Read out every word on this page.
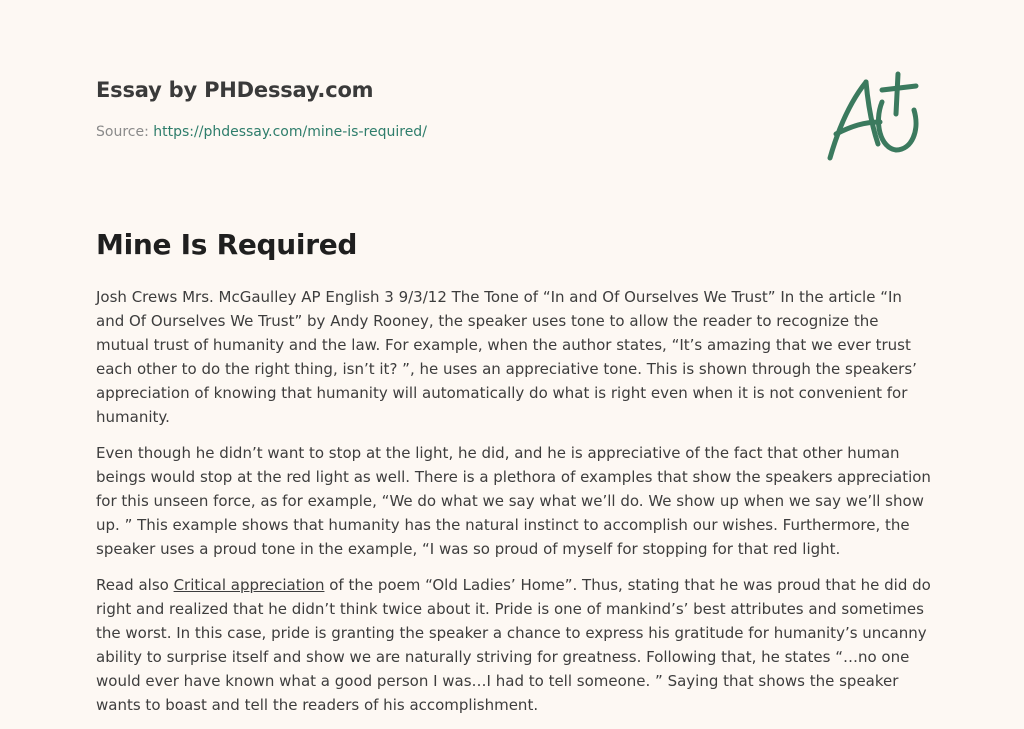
Essay by PHDessay.com
Source: https://phdessay.com/mine-is-required/
Mine Is Required

Josh Crews Mrs. McGaulley AP English 3 9/3/12 The Tone of “In and Of Ourselves We Trust” In the article “In and Of Ourselves We Trust” by Andy Rooney, the speaker uses tone to allow the reader to recognize the mutual trust of humanity and the law. For example, when the author states, “It’s amazing that we ever trust each other to do the right thing, isn’t it? ”, he uses an appreciative tone. This is shown through the speakers’ appreciation of knowing that humanity will automatically do what is right even when it is not convenient for humanity.

Even though he didn’t want to stop at the light, he did, and he is appreciative of the fact that other human beings would stop at the red light as well. There is a plethora of examples that show the speakers appreciation for this unseen force, as for example, “We do what we say what we’ll do. We show up when we say we’ll show up. ” This example shows that humanity has the natural instinct to accomplish our wishes. Furthermore, the speaker uses a proud tone in the example, “I was so proud of myself for stopping for that red light.

Read also Critical appreciation of the poem “Old Ladies’ Home”. Thus, stating that he was proud that he did do right and realized that he didn’t think twice about it. Pride is one of mankind’s’ best attributes and sometimes the worst. In this case, pride is granting the speaker a chance to express his gratitude for humanity’s uncanny ability to surprise itself and show we are naturally striving for greatness. Following that, he states “…no one would ever have known what a good person I was…I had to tell someone. ” Saying that shows the speaker wants to boast and tell the readers of his accomplishment.
